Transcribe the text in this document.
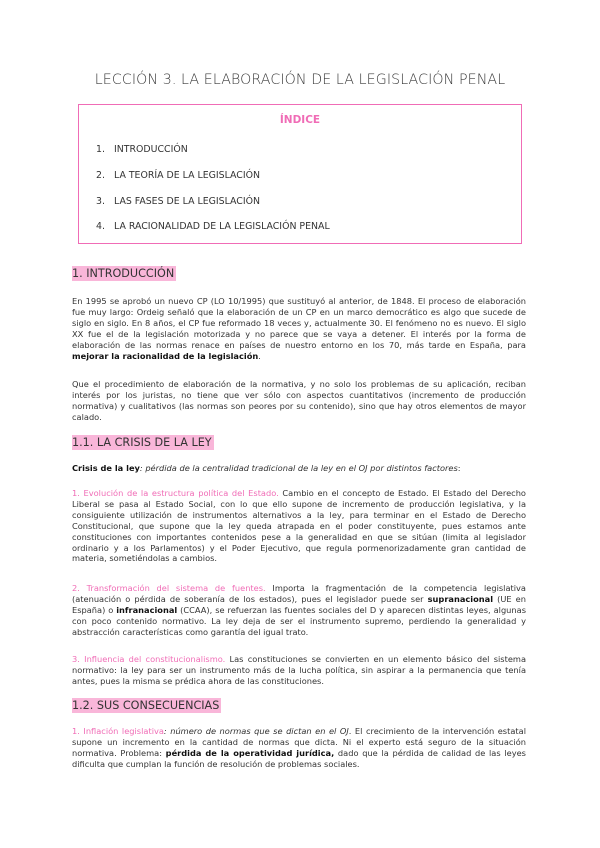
LECCIÓN 3. LA ELABORACIÓN DE LA LEGISLACIÓN PENAL
ÍNDICE
1. INTRODUCCIÓN
2. LA TEORÍA DE LA LEGISLACIÓN
3. LAS FASES DE LA LEGISLACIÓN
4. LA RACIONALIDAD DE LA LEGISLACIÓN PENAL
1. INTRODUCCIÓN
En 1995 se aprobó un nuevo CP (LO 10/1995) que sustituyó al anterior, de 1848. El proceso de elaboración fue muy largo: Ordeig señaló que la elaboración de un CP en un marco democrático es algo que sucede de siglo en siglo. En 8 años, el CP fue reformado 18 veces y, actualmente 30. El fenómeno no es nuevo. El siglo XX fue el de la legislación motorizada y no parece que se vaya a detener. El interés por la forma de elaboración de las normas renace en países de nuestro entorno en los 70, más tarde en España, para mejorar la racionalidad de la legislación.
Que el procedimiento de elaboración de la normativa, y no solo los problemas de su aplicación, reciban interés por los juristas, no tiene que ver sólo con aspectos cuantitativos (incremento de producción normativa) y cualitativos (las normas son peores por su contenido), sino que hay otros elementos de mayor calado.
1.1. LA CRISIS DE LA LEY
Crisis de la ley: pérdida de la centralidad tradicional de la ley en el OJ por distintos factores:
1. Evolución de la estructura política del Estado. Cambio en el concepto de Estado. El Estado del Derecho Liberal se pasa al Estado Social, con lo que ello supone de incremento de producción legislativa, y la consiguiente utilización de instrumentos alternativos a la ley, para terminar en el Estado de Derecho Constitucional, que supone que la ley queda atrapada en el poder constituyente, pues estamos ante constituciones con importantes contenidos pese a la generalidad en que se sitúan (limita al legislador ordinario y a los Parlamentos) y el Poder Ejecutivo, que regula pormenorizadamente gran cantidad de materia, sometiéndolas a cambios.
2. Transformación del sistema de fuentes. Importa la fragmentación de la competencia legislativa (atenuación o pérdida de soberanía de los estados), pues el legislador puede ser supranacional (UE en España) o infranacional (CCAA), se refuerzan las fuentes sociales del D y aparecen distintas leyes, algunas con poco contenido normativo. La ley deja de ser el instrumento supremo, perdiendo la generalidad y abstracción características como garantía del igual trato.
3. Influencia del constitucionalismo. Las constituciones se convierten en un elemento básico del sistema normativo: la ley para ser un instrumento más de la lucha política, sin aspirar a la permanencia que tenía antes, pues la misma se prédica ahora de las constituciones.
1.2. SUS CONSECUENCIAS
1. Inflación legislativa: número de normas que se dictan en el OJ. El crecimiento de la intervención estatal supone un incremento en la cantidad de normas que dicta. Ni el experto está seguro de la situación normativa. Problema: pérdida de la operatividad jurídica, dado que la pérdida de calidad de las leyes dificulta que cumplan la función de resolución de problemas sociales.
